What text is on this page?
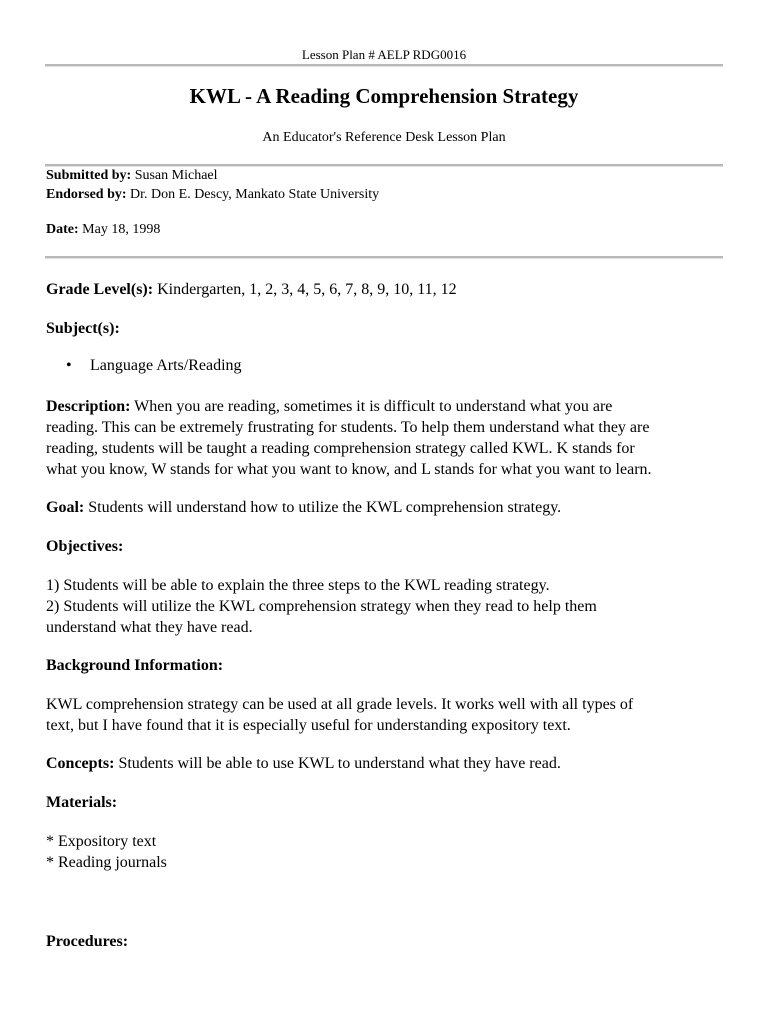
Lesson Plan # AELP RDG0016
KWL - A Reading Comprehension Strategy
An Educator's Reference Desk Lesson Plan
Submitted by: Susan Michael
Endorsed by: Dr. Don E. Descy, Mankato State University
Date: May 18, 1998
Grade Level(s): Kindergarten, 1, 2, 3, 4, 5, 6, 7, 8, 9, 10, 11, 12
Subject(s):
• Language Arts/Reading
Description: When you are reading, sometimes it is difficult to understand what you are
reading. This can be extremely frustrating for students. To help them understand what they are
reading, students will be taught a reading comprehension strategy called KWL. K stands for
what you know, W stands for what you want to know, and L stands for what you want to learn.
Goal: Students will understand how to utilize the KWL comprehension strategy.
Objectives:
1) Students will be able to explain the three steps to the KWL reading strategy.
2) Students will utilize the KWL comprehension strategy when they read to help them
understand what they have read.
Background Information:
KWL comprehension strategy can be used at all grade levels. It works well with all types of
text, but I have found that it is especially useful for understanding expository text.
Concepts: Students will be able to use KWL to understand what they have read.
Materials:
* Expository text
* Reading journals
Procedures:
